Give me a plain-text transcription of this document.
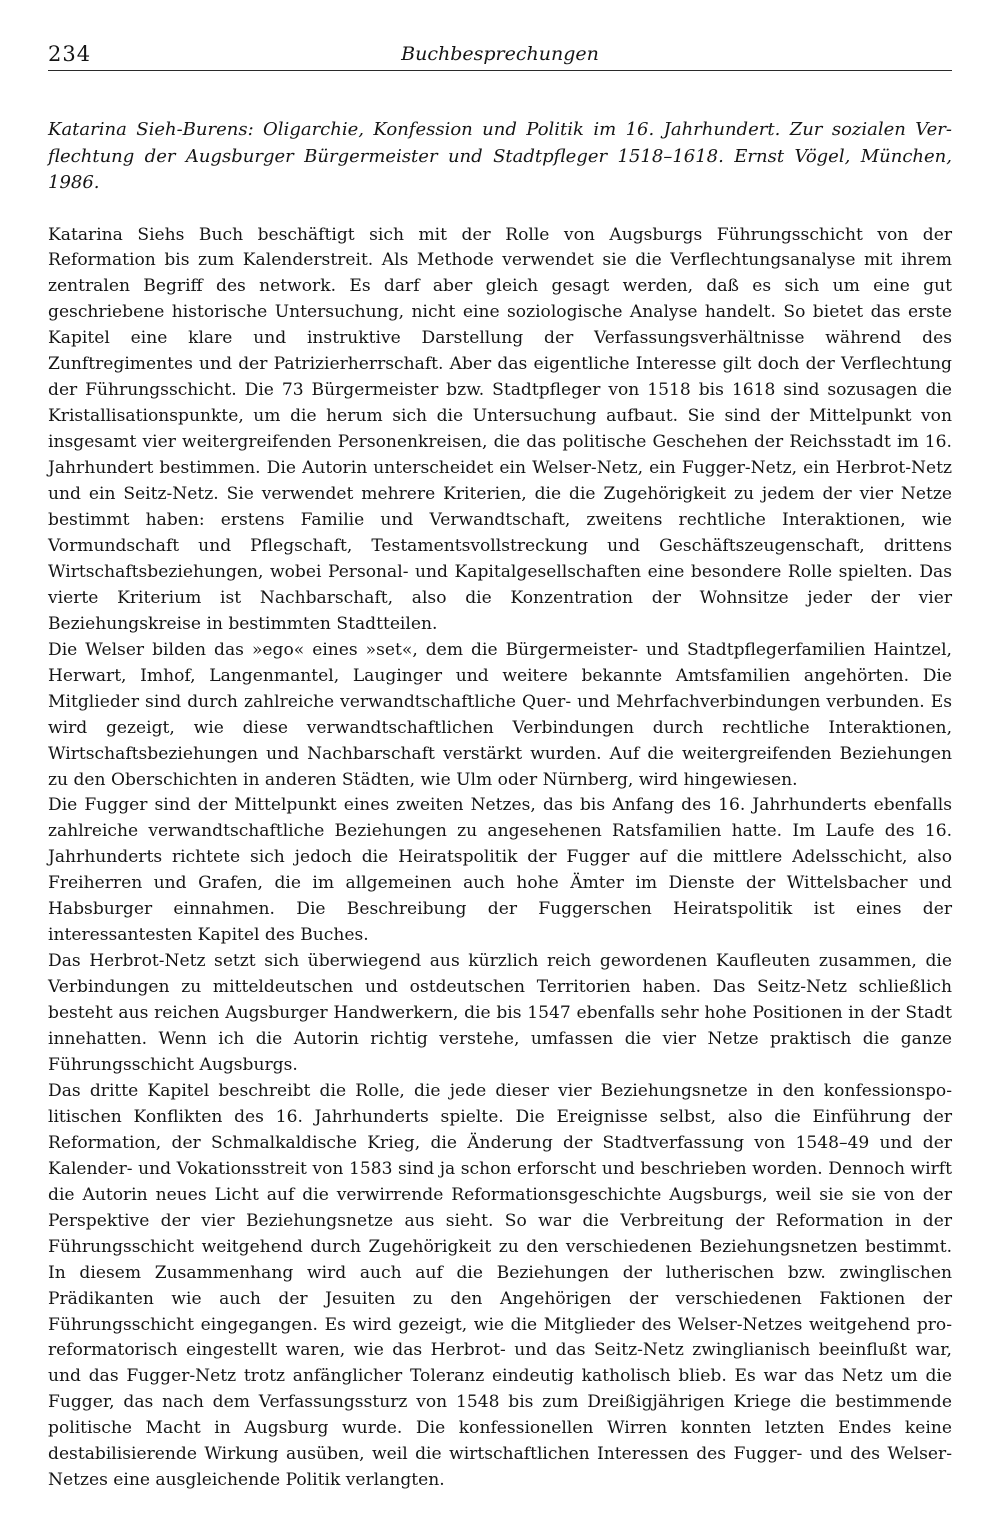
234	Buchbesprechungen

Katarina Sieh-Burens: Oligarchie, Konfession und Politik im 16. Jahrhundert. Zur sozialen Verflechtung der Augsburger Bürgermeister und Stadtpfleger 1518–1618. Ernst Vögel, München, 1986.

Katarina Siehs Buch beschäftigt sich mit der Rolle von Augsburgs Führungsschicht von der Reformation bis zum Kalenderstreit. Als Methode verwendet sie die Verflechtungsanalyse mit ihrem zentralen Begriff des network. Es darf aber gleich gesagt werden, daß es sich um eine gut geschriebene historische Untersuchung, nicht eine soziologische Analyse handelt. So bietet das erste Kapitel eine klare und instruktive Darstellung der Verfassungsverhältnisse während des Zunftregimentes und der Patrizierherrschaft. Aber das eigentliche Interesse gilt doch der Verflechtung der Führungsschicht. Die 73 Bürgermeister bzw. Stadtpfleger von 1518 bis 1618 sind sozusagen die Kristallisationspunkte, um die herum sich die Untersuchung aufbaut. Sie sind der Mittelpunkt von insgesamt vier weitergreifenden Personenkreisen, die das politische Geschehen der Reichsstadt im 16. Jahrhundert bestimmen. Die Autorin unterscheidet ein Welser-Netz, ein Fugger-Netz, ein Herbrot-Netz und ein Seitz-Netz. Sie verwendet mehrere Kriterien, die die Zugehörigkeit zu jedem der vier Netze bestimmt haben: erstens Familie und Verwandtschaft, zweitens rechtliche Interaktionen, wie Vormundschaft und Pflegschaft, Testamentsvollstreckung und Geschäftszeugenschaft, drittens Wirtschaftsbeziehungen, wobei Personal- und Kapitalgesellschaften eine besondere Rolle spielten. Das vierte Kriterium ist Nachbarschaft, also die Konzentration der Wohnsitze jeder der vier Beziehungskreise in bestimmten Stadtteilen.

Die Welser bilden das »ego« eines »set«, dem die Bürgermeister- und Stadtpflegerfamilien Haintzel, Herwart, Imhof, Langenmantel, Lauginger und weitere bekannte Amtsfamilien angehörten. Die Mitglieder sind durch zahlreiche verwandtschaftliche Quer- und Mehrfachverbindungen verbunden. Es wird gezeigt, wie diese verwandtschaftlichen Verbindungen durch rechtliche Interaktionen, Wirtschaftsbeziehungen und Nachbarschaft verstärkt wurden. Auf die weitergreifenden Beziehungen zu den Oberschichten in anderen Städten, wie Ulm oder Nürnberg, wird hingewiesen.

Die Fugger sind der Mittelpunkt eines zweiten Netzes, das bis Anfang des 16. Jahrhunderts ebenfalls zahlreiche verwandtschaftliche Beziehungen zu angesehenen Ratsfamilien hatte. Im Laufe des 16. Jahrhunderts richtete sich jedoch die Heiratspolitik der Fugger auf die mittlere Adelsschicht, also Freiherren und Grafen, die im allgemeinen auch hohe Ämter im Dienste der Wittelsbacher und Habsburger einnahmen. Die Beschreibung der Fuggerschen Heiratspolitik ist eines der interessantesten Kapitel des Buches.

Das Herbrot-Netz setzt sich überwiegend aus kürzlich reich gewordenen Kaufleuten zusammen, die Verbindungen zu mitteldeutschen und ostdeutschen Territorien haben. Das Seitz-Netz schließlich besteht aus reichen Augsburger Handwerkern, die bis 1547 ebenfalls sehr hohe Positionen in der Stadt innehatten. Wenn ich die Autorin richtig verstehe, umfassen die vier Netze praktisch die ganze Führungsschicht Augsburgs.

Das dritte Kapitel beschreibt die Rolle, die jede dieser vier Beziehungsnetze in den konfessionspolitischen Konflikten des 16. Jahrhunderts spielte. Die Ereignisse selbst, also die Einführung der Reformation, der Schmalkaldische Krieg, die Änderung der Stadtverfassung von 1548–49 und der Kalender- und Vokationsstreit von 1583 sind ja schon erforscht und beschrieben worden. Dennoch wirft die Autorin neues Licht auf die verwirrende Reformationsgeschichte Augsburgs, weil sie sie von der Perspektive der vier Beziehungsnetze aus sieht. So war die Verbreitung der Reformation in der Führungsschicht weitgehend durch Zugehörigkeit zu den verschiedenen Beziehungsnetzen bestimmt. In diesem Zusammenhang wird auch auf die Beziehungen der lutherischen bzw. zwinglischen Prädikanten wie auch der Jesuiten zu den Angehörigen der verschiedenen Faktionen der Führungsschicht eingegangen. Es wird gezeigt, wie die Mitglieder des Welser-Netzes weitgehend pro-reformatorisch eingestellt waren, wie das Herbrot- und das Seitz-Netz zwinglianisch beeinflußt war, und das Fugger-Netz trotz anfänglicher Toleranz eindeutig katholisch blieb. Es war das Netz um die Fugger, das nach dem Verfassungssturz von 1548 bis zum Dreißigjährigen Kriege die bestimmende politische Macht in Augsburg wurde. Die konfessionellen Wirren konnten letzten Endes keine destabilisierende Wirkung ausüben, weil die wirtschaftlichen Interessen des Fugger- und des Welser-Netzes eine ausgleichende Politik verlangten.
